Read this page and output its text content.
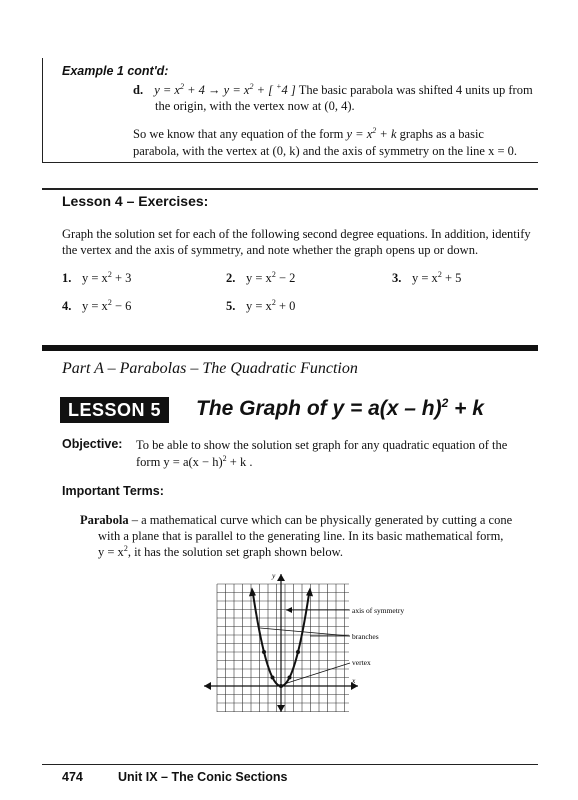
Example 1 cont'd:
d. $y = x^2 + 4 \to y = x^2$ + [ +4 ] The basic parabola was shifted 4 units up from
the origin, with the vertex now at (0, 4).
So we know that any equation of the form $y = x^2 + k$ graphs as a basic
parabola, with the vertex at (0, k) and the axis of symmetry on the line x = 0.
Lesson 4 – Exercises:
Graph the solution set for each of the following second degree equations. In addition, identify
the vertex and the axis of symmetry, and note whether the graph opens up or down.
1. $y = x^2 + 3$	2. $y = x^2 - 2$	3. $y = x^2 + 5$
4. $y = x^2 - 6$	5. $y = x^2 + 0$
Part A – Parabolas – The Quadratic Function
LESSON 5	The Graph of y = a(x – h)$^2$ + k
Objective: To be able to show the solution set graph for any quadratic equation of the
form $y = a(x - h)^2 + k$ .
Important Terms:
Parabola – a mathematical curve which can be physically generated by cutting a cone
with a plane that is parallel to the generating line. In its basic mathematical form,
$y = x^2$, it has the solution set graph shown below.
axis of symmetry
branches
vertex
x
y
474	Unit IX – The Conic Sections
